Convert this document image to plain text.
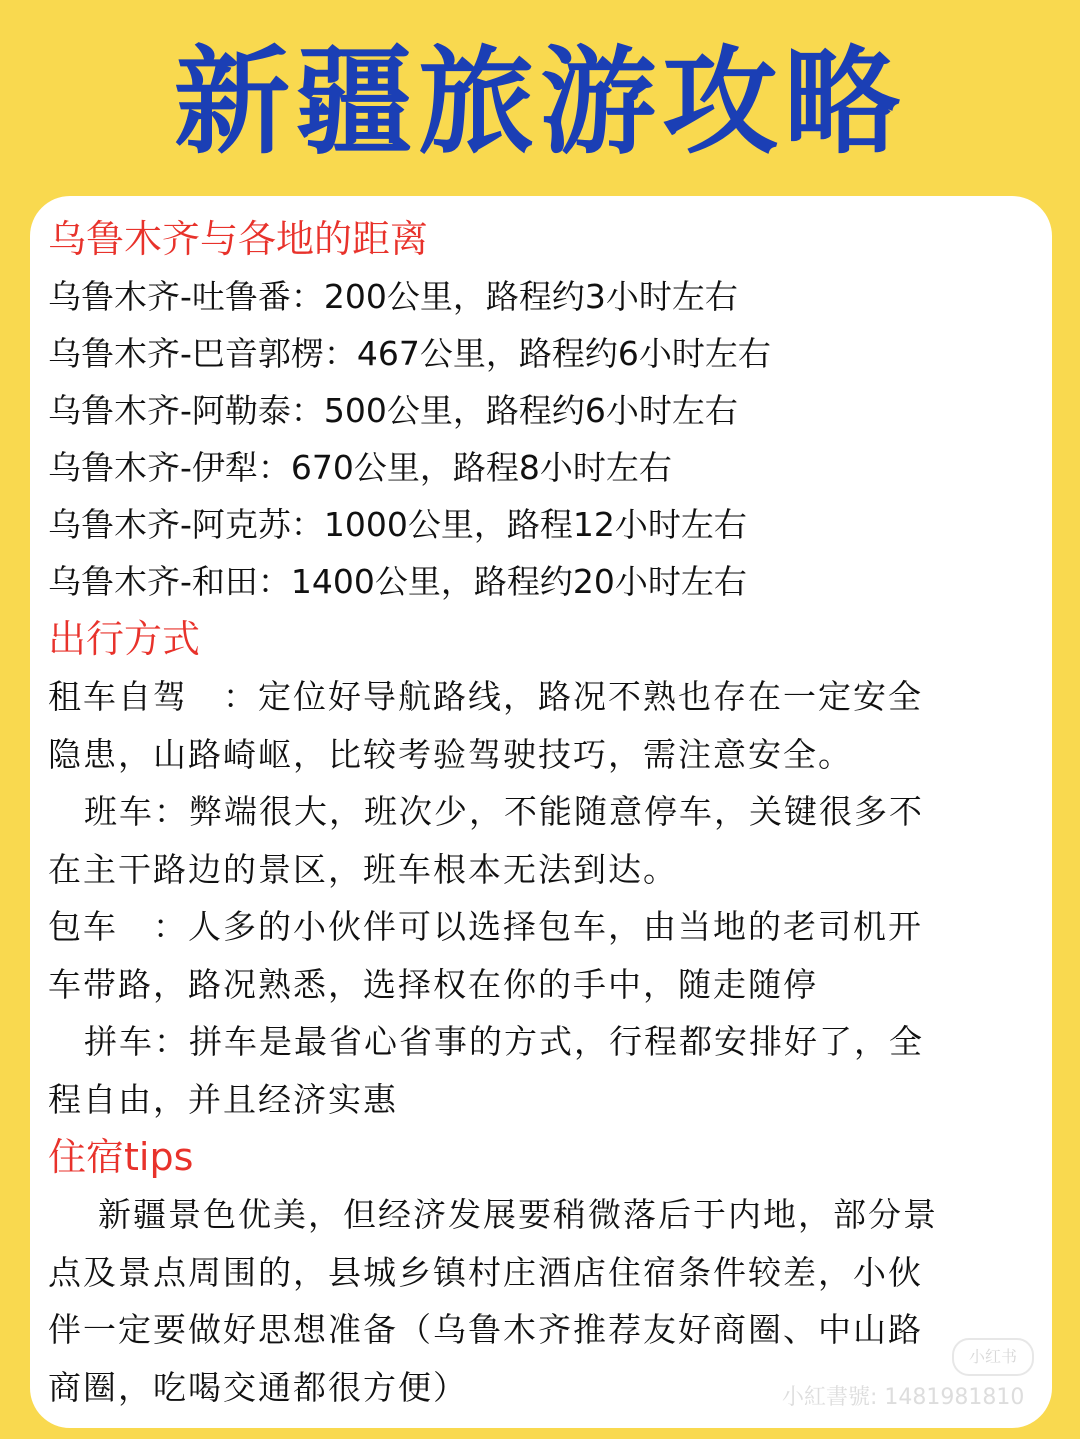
新疆旅游攻略
乌鲁木齐与各地的距离
乌鲁木齐-吐鲁番：200公里，路程约3小时左右
乌鲁木齐-巴音郭楞：467公里，路程约6小时左右
乌鲁木齐-阿勒泰：500公里，路程约6小时左右
乌鲁木齐-伊犁：670公里，路程8小时左右
乌鲁木齐-阿克苏：1000公里，路程12小时左右
乌鲁木齐-和田：1400公里，路程约20小时左右
出行方式
租车自驾　：定位好导航路线，路况不熟也存在一定安全隐患，山路崎岖，比较考验驾驶技巧，需注意安全。
班车：弊端很大，班次少，不能随意停车，关键很多不在主干路边的景区，班车根本无法到达。
包车　：人多的小伙伴可以选择包车，由当地的老司机开车带路，路况熟悉，选择权在你的手中，随走随停
拼车：拼车是最省心省事的方式，行程都安排好了，全程自由，并且经济实惠
住宿tips
新疆景色优美，但经济发展要稍微落后于内地，部分景点及景点周围的，县城乡镇村庄酒店住宿条件较差，小伙伴一定要做好思想准备（乌鲁木齐推荐友好商圈、中山路商圈，吃喝交通都很方便）
小红书
小紅書號: 1481981810
